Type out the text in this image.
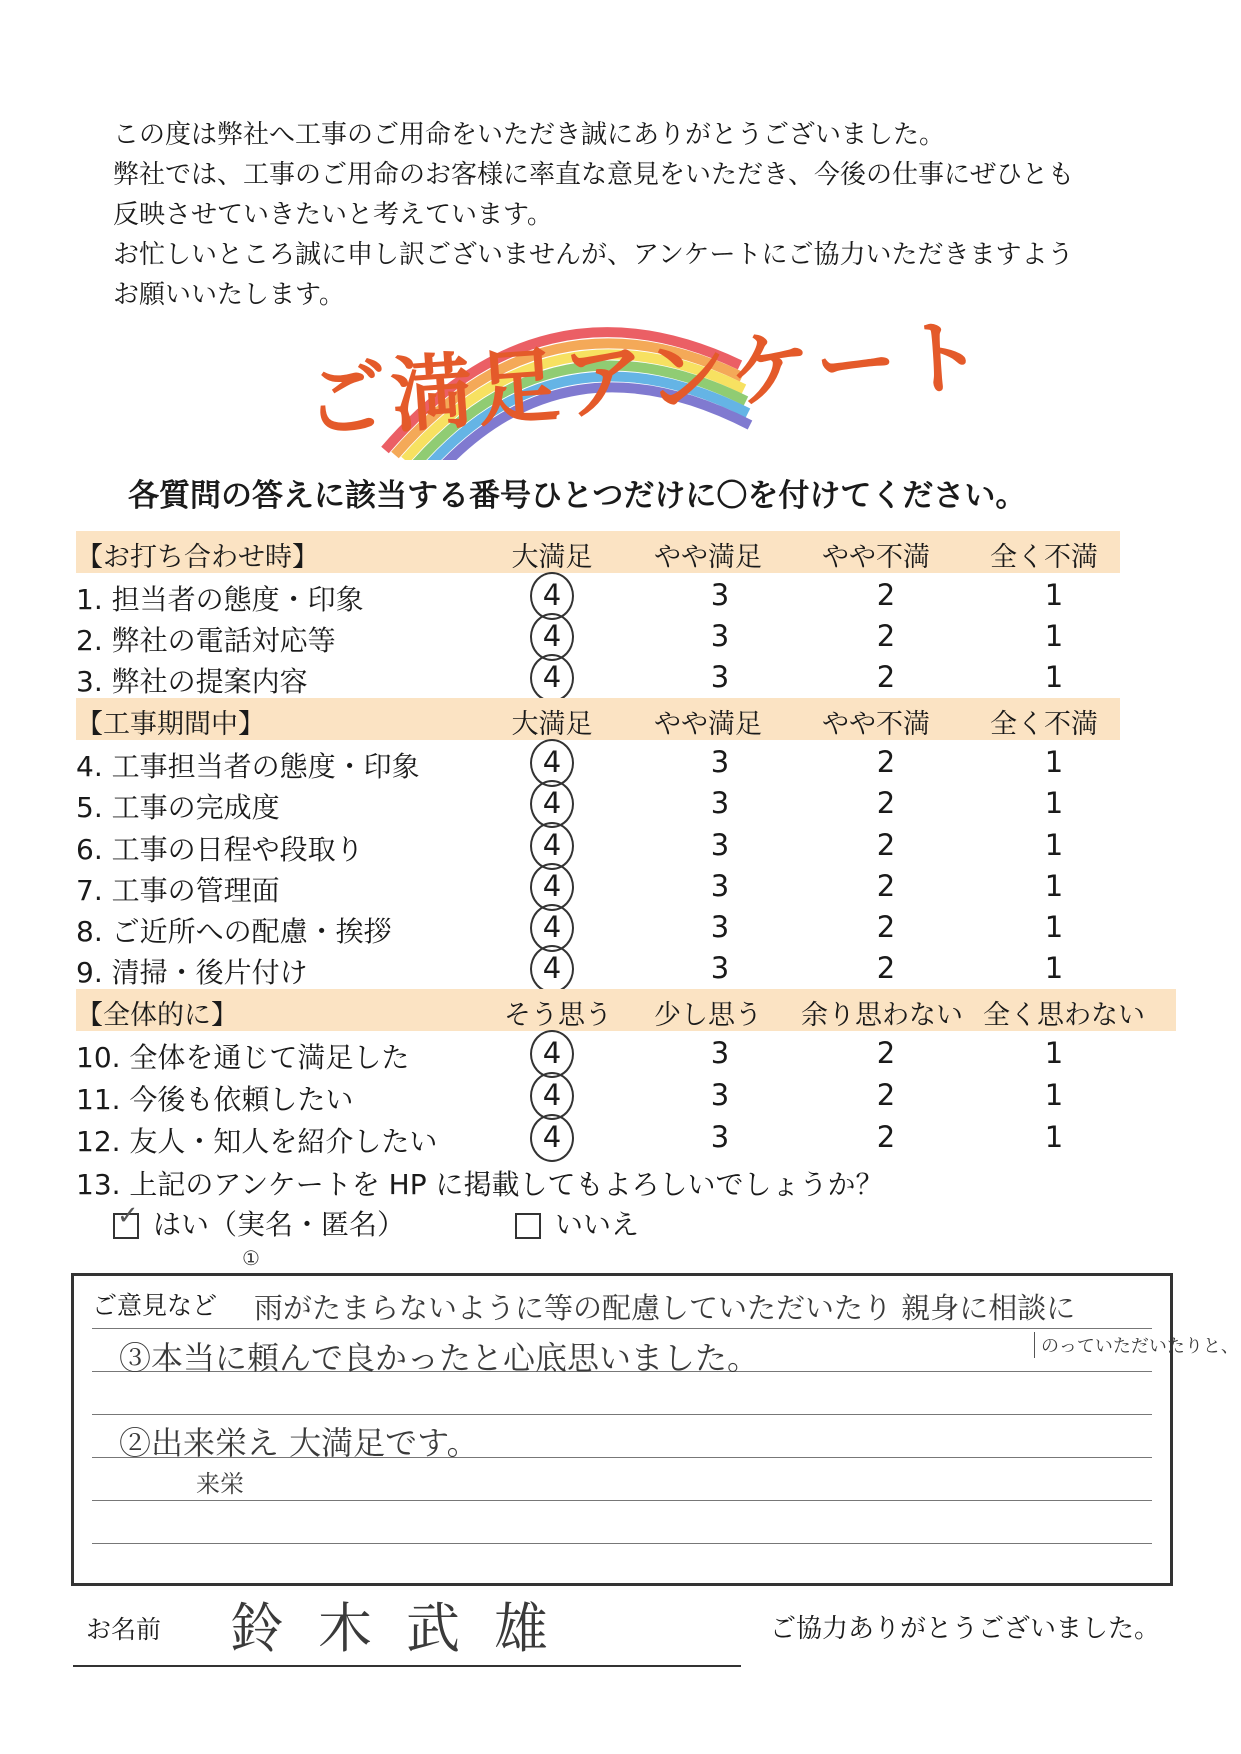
この度は弊社へ工事のご用命をいただき誠にありがとうございました。
弊社では、工事のご用命のお客様に率直な意見をいただき、今後の仕事にぜひとも
反映させていきたいと考えています。
お忙しいところ誠に申し訳ございませんが、アンケートにご協力いただきますよう
お願いいたします。
ご満足アンケート
各質問の答えに該当する番号ひとつだけに〇を付けてください。
【お打ち合わせ時】	大満足	やや満足	やや不満	全く不満
1. 担当者の態度・印象	4	3	2	1
2. 弊社の電話対応等	4	3	2	1
3. 弊社の提案内容	4	3	2	1
【工事期間中】	大満足	やや満足	やや不満	全く不満
4. 工事担当者の態度・印象	4	3	2	1
5. 工事の完成度	4	3	2	1
6. 工事の日程や段取り	4	3	2	1
7. 工事の管理面	4	3	2	1
8. ご近所への配慮・挨拶	4	3	2	1
9. 清掃・後片付け	4	3	2	1
【全体的に】	そう思う	少し思う	余り思わない 全く思わない
10. 全体を通じて満足した	4	3	2	1
11. 今後も依頼したい	4	3	2	1
12. 友人・知人を紹介したい	4	3	2	1
13. 上記のアンケートを HP に掲載してもよろしいでしょうか？
✓ はい（実名・匿名）	いいえ
ご意見など
①
雨がたまらないように等の配慮していただいたり 親身に相談に
のっていただいたりと、
③本当に頼んで良かったと心底思いました。
②出来栄え 大満足です。
来栄
お名前 鈴木武雄	ご協力ありがとうございました。
